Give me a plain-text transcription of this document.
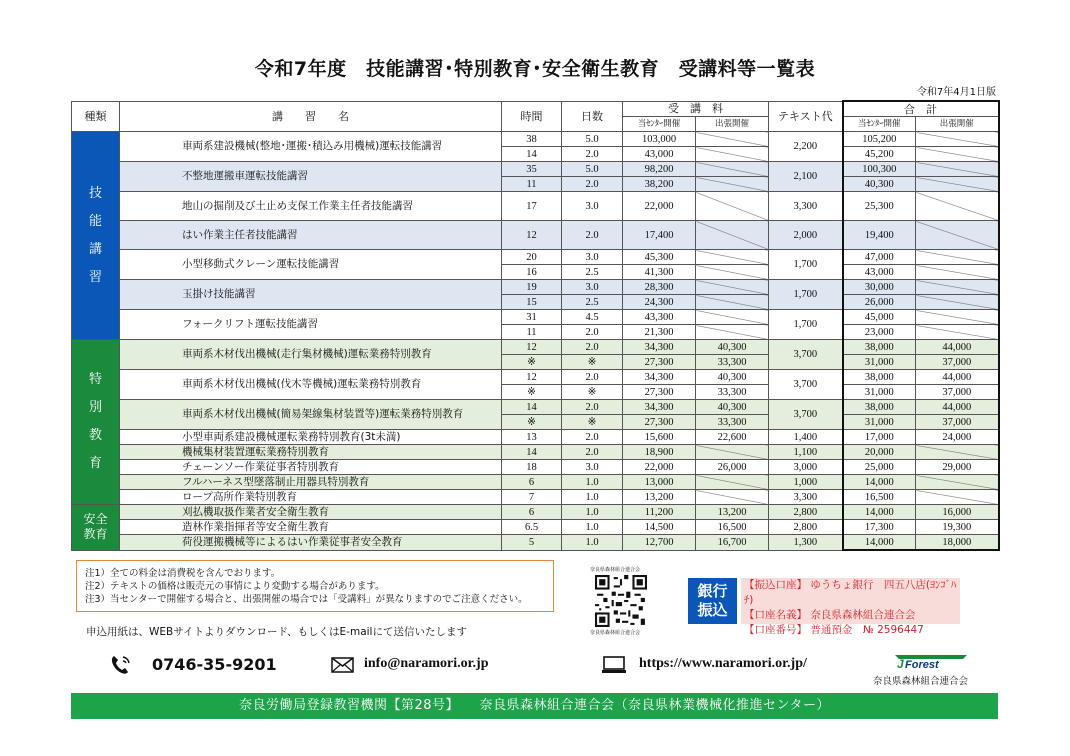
令和7年度　技能講習･特別教育･安全衛生教育　受講料等一覧表
令和7年4月1日版
種類	講　　習　　名	時間	日数	受　講　料		テキスト代	合　計	
				当ｾﾝﾀｰ開催	出張開催		当ｾﾝﾀｰ開催	出張開催
技
能
講
習	車両系建設機械(整地･運搬･積込み用機械)運転技能講習	38	5.0	103,000		2,200	105,200	
		14	2.0	43,000			45,200	
	不整地運搬車運転技能講習	35	5.0	98,200		2,100	100,300	
		11	2.0	38,200			40,300	
	地山の掘削及び土止め支保工作業主任者技能講習	17	3.0	22,000		3,300	25,300	
	はい作業主任者技能講習	12	2.0	17,400		2,000	19,400	
	小型移動式クレーン運転技能講習	20	3.0	45,300		1,700	47,000	
		16	2.5	41,300			43,000	
	玉掛け技能講習	19	3.0	28,300		1,700	30,000	
		15	2.5	24,300			26,000	
	フォークリフト運転技能講習	31	4.5	43,300		1,700	45,000	
		11	2.0	21,300			23,000	
特
別
教
育	車両系木材伐出機械(走行集材機械)運転業務特別教育	12	2.0	34,300	40,300	3,700	38,000	44,000
		※	※	27,300	33,300		31,000	37,000
	車両系木材伐出機械(伐木等機械)運転業務特別教育	12	2.0	34,300	40,300	3,700	38,000	44,000
		※	※	27,300	33,300		31,000	37,000
	車両系木材伐出機械(簡易架線集材装置等)運転業務特別教育	14	2.0	34,300	40,300	3,700	38,000	44,000
		※	※	27,300	33,300		31,000	37,000
	小型車両系建設機械運転業務特別教育(3t未満)	13	2.0	15,600	22,600	1,400	17,000	24,000
	機械集材装置運転業務特別教育	14	2.0	18,900		1,100	20,000	
	チェーンソー作業従事者特別教育	18	3.0	22,000	26,000	3,000	25,000	29,000
	フルハーネス型墜落制止用器具特別教育	6	1.0	13,000		1,000	14,000	
	ロープ高所作業特別教育	7	1.0	13,200		3,300	16,500	
安全
教育	刈払機取扱作業者安全衛生教育	6	1.0	11,200	13,200	2,800	14,000	16,000
	造林作業指揮者等安全衛生教育	6.5	1.0	14,500	16,500	2,800	17,300	19,300
	荷役運搬機械等によるはい作業従事者安全教育	5	1.0	12,700	16,700	1,300	14,000	18,000
注1）全ての料金は消費税を含んでおります。
注2）テキストの価格は販売元の事情により変動する場合があります。
注3）当センターで開催する場合と、出張開催の場合では「受講料」が異なりますのでご注意ください。
申込用紙は、WEBサイトよりダウンロード、もしくはE-mailにて送信いたします
奈良県森林組合連合会
奈良県森林組合連合会
銀行
振込
【振込口座】 ゆうちょ銀行　四五八店(ﾖﾝｺﾞﾊﾁ)
【口座名義】 奈良県森林組合連合会
【口座番号】 普通預金　№ 2596447
0746-35-9201	info@naramori.or.jp	https://www.naramori.or.jp/	J Forest
奈良県森林組合連合会
奈良労働局登録教習機関【第28号】　　奈良県森林組合連合会（奈良県林業機械化推進センター）
